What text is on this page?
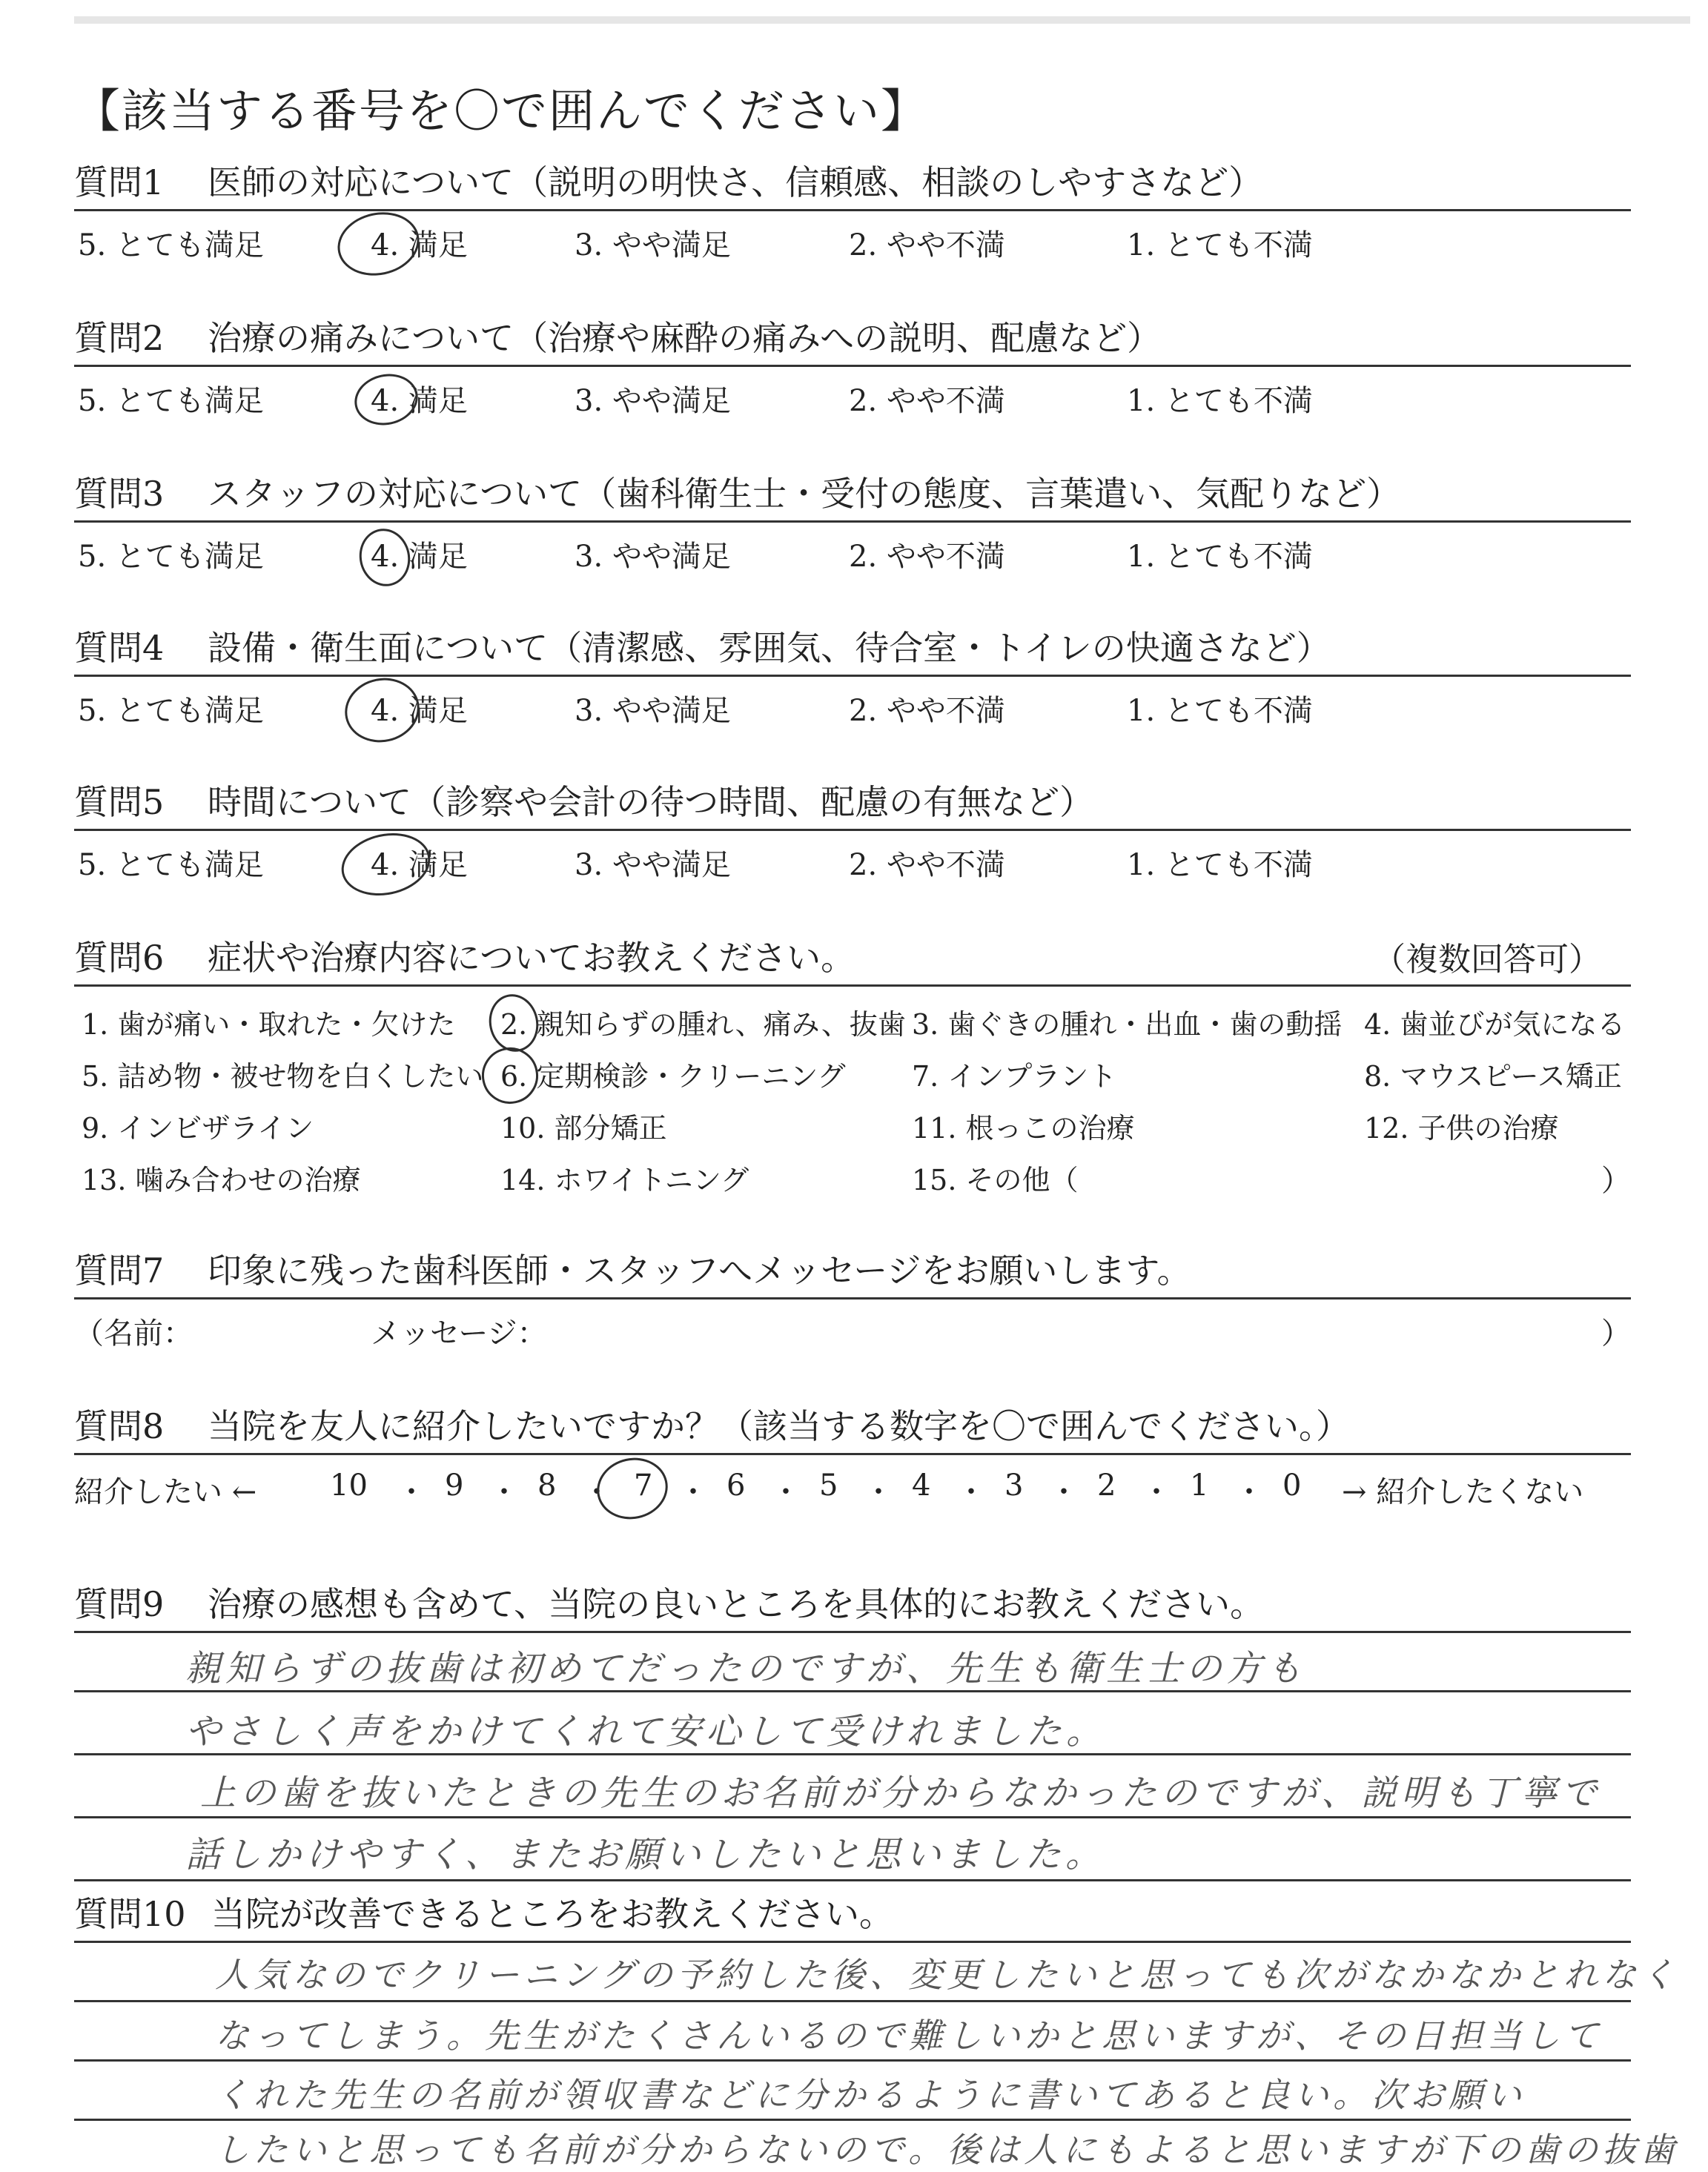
【該当する番号を〇で囲んでください】
質問1 医師の対応について（説明の明快さ、信頼感、相談のしやすさなど）
5. とても満足	4. 満足	3. やや満足	2. やや不満	1. とても不満
質問2 治療の痛みについて（治療や麻酔の痛みへの説明、配慮など）
5. とても満足	4. 満足	3. やや満足	2. やや不満	1. とても不満
質問3 スタッフの対応について（歯科衛生士・受付の態度、言葉遣い、気配りなど）
5. とても満足	4. 満足	3. やや満足	2. やや不満	1. とても不満
質問4 設備・衛生面について（清潔感、雰囲気、待合室・トイレの快適さなど）
5. とても満足	4. 満足	3. やや満足	2. やや不満	1. とても不満
質問5 時間について（診察や会計の待つ時間、配慮の有無など）
5. とても満足	4. 満足	3. やや満足	2. やや不満	1. とても不満
質問6 症状や治療内容についてお教えください。	（複数回答可）
1. 歯が痛い・取れた・欠けた 2. 親知らずの腫れ、痛み、抜歯 3. 歯ぐきの腫れ・出血・歯の動揺 4. 歯並びが気になる
5. 詰め物・被せ物を白くしたい 6. 定期検診・クリーニング 7. インプラント	8. マウスピース矯正
9. インビザライン	10. 部分矯正	11. 根っこの治療	12. 子供の治療
13. 噛み合わせの治療	14. ホワイトニング	15. その他（	）
質問7 印象に残った歯科医師・スタッフへメッセージをお願いします。
（名前：	メッセージ：	）
質問8 当院を友人に紹介したいですか？（該当する数字を〇で囲んでください。）
紹介したい ← 10 ・ 9 ・ 8 ・ 7 ・ 6 ・ 5 ・ 4 ・ 3 ・ 2 ・ 1 ・ 0 → 紹介したくない
質問9 治療の感想も含めて、当院の良いところを具体的にお教えください。
親知らずの抜歯は初めてだったのですが、先生も衛生士の方も
やさしく声をかけてくれて安心して受けれました。
上の歯を抜いたときの先生のお名前が分からなかったのですが、説明も丁寧で
話しかけやすく、またお願いしたいと思いました。
質問10 当院が改善できるところをお教えください。
人気なのでクリーニングの予約した後、変更したいと思っても次がなかなかとれなく
なってしまう。先生がたくさんいるので難しいかと思いますが、その日担当して
くれた先生の名前が領収書などに分かるように書いてあると良い。次お願い
したいと思っても名前が分からないので。後は人にもよると思いますが下の歯の抜歯
